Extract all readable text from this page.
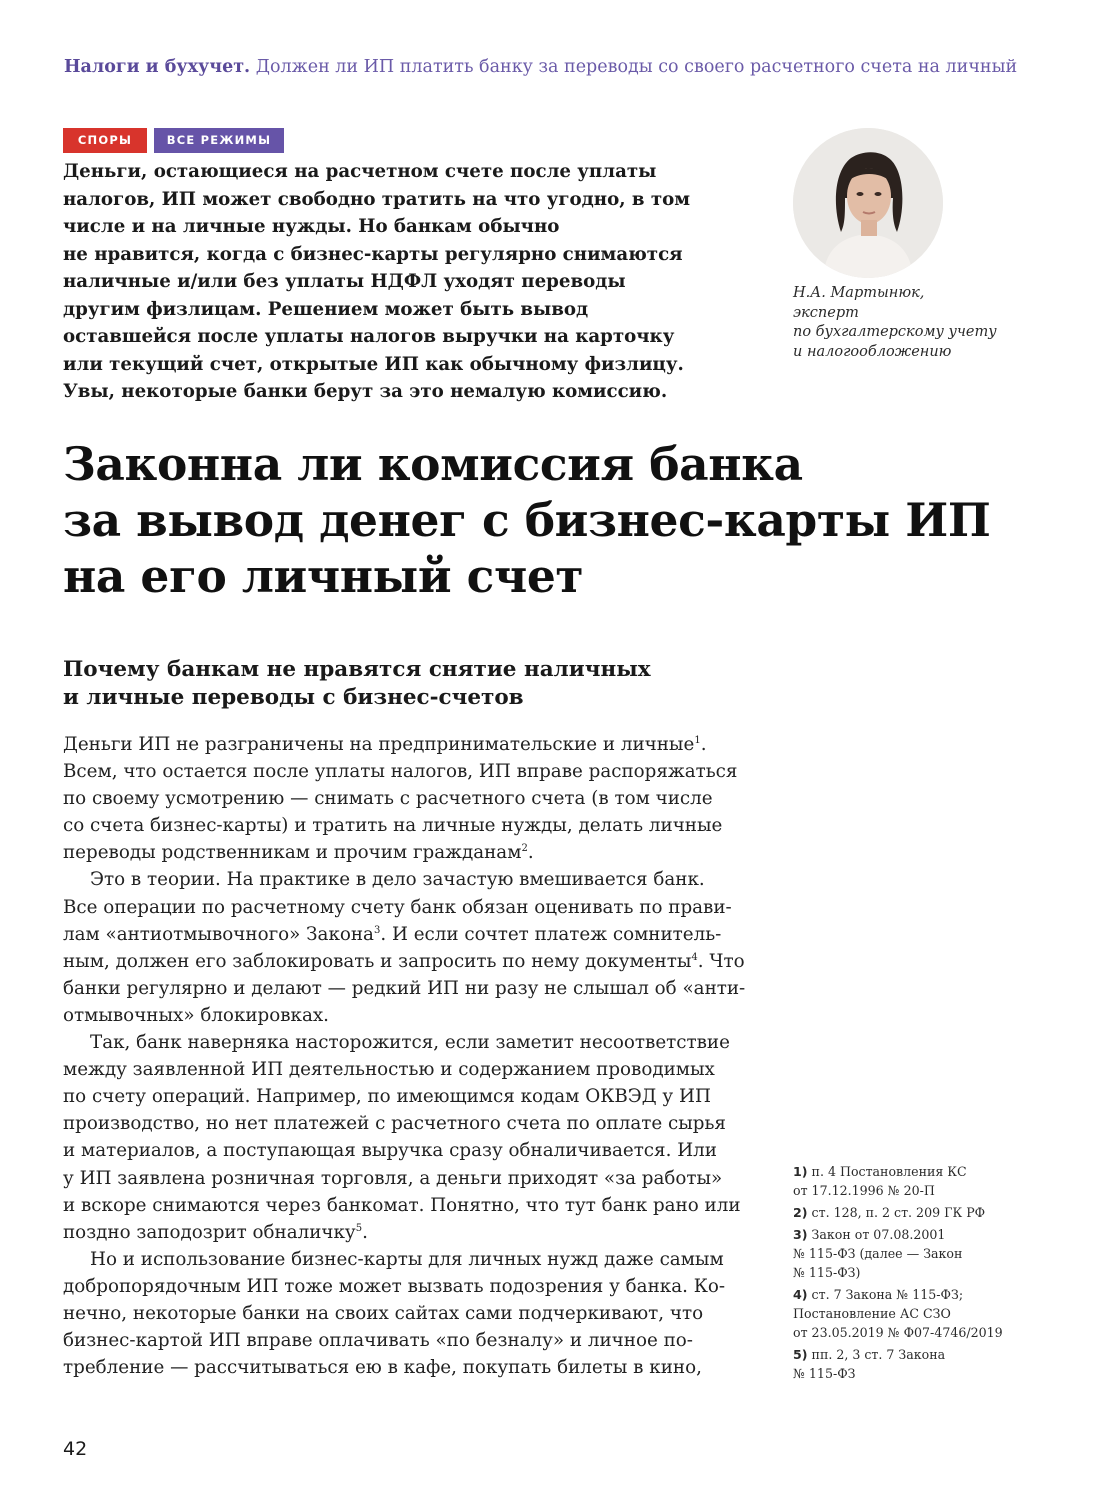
Налоги и бухучет. Должен ли ИП платить банку за переводы со своего расчетного счета на личный
СПОРЫ	ВСЕ РЕЖИМЫ

Деньги, остающиеся на расчетном счете после уплаты
налогов, ИП может свободно тратить на что угодно, в том
числе и на личные нужды. Но банкам обычно
не нравится, когда с бизнес-карты регулярно снимаются
наличные и/или без уплаты НДФЛ уходят переводы
другим физлицам. Решением может быть вывод
оставшейся после уплаты налогов выручки на карточку
или текущий счет, открытые ИП как обычному физлицу.
Увы, некоторые банки берут за это немалую комиссию.

Н.А. Мартынюк,
эксперт
по бухгалтерскому учету
и налогообложению
Законна ли комиссия банка
за вывод денег с бизнес-карты ИП
на его личный счет
Почему банкам не нравятся снятие наличных
и личные переводы с бизнес-счетов
Деньги ИП не разграничены на предпринимательские и личные$^1$.
Всем, что остается после уплаты налогов, ИП вправе распоряжаться
по своему усмотрению — снимать с расчетного счета (в том числе
со счета бизнес-карты) и тратить на личные нужды, делать личные
переводы родственникам и прочим гражданам$^2$.
Это в теории. На практике в дело зачастую вмешивается банк.
Все операции по расчетному счету банк обязан оценивать по прави-
лам «антиотмывочного» Закона$^3$. И если сочтет платеж сомнитель-
ным, должен его заблокировать и запросить по нему документы$^4$. Что
банки регулярно и делают — редкий ИП ни разу не слышал об «анти-
отмывочных» блокировках.
Так, банк наверняка насторожится, если заметит несоответствие
между заявленной ИП деятельностью и содержанием проводимых
по счету операций. Например, по имеющимся кодам ОКВЭД у ИП
производство, но нет платежей с расчетного счета по оплате сырья
и материалов, а поступающая выручка сразу обналичивается. Или
у ИП заявлена розничная торговля, а деньги приходят «за работы»
и вскоре снимаются через банкомат. Понятно, что тут банк рано или
поздно заподозрит обналичку$^5$.
Но и использование бизнес-карты для личных нужд даже самым
добропорядочным ИП тоже может вызвать подозрения у банка. Ко-
нечно, некоторые банки на своих сайтах сами подчеркивают, что
бизнес-картой ИП вправе оплачивать «по безналу» и личное по-
требление — рассчитываться ею в кафе, покупать билеты в кино,
1) п. 4 Постановления КС
от 17.12.1996 № 20-П
2) ст. 128, п. 2 ст. 209 ГК РФ
3) Закон от 07.08.2001
№ 115-ФЗ (далее — Закон
№ 115-ФЗ)
4) ст. 7 Закона № 115-ФЗ;
Постановление АС СЗО
от 23.05.2019 № Ф07-4746/2019
5) пп. 2, 3 ст. 7 Закона
№ 115-ФЗ
42
